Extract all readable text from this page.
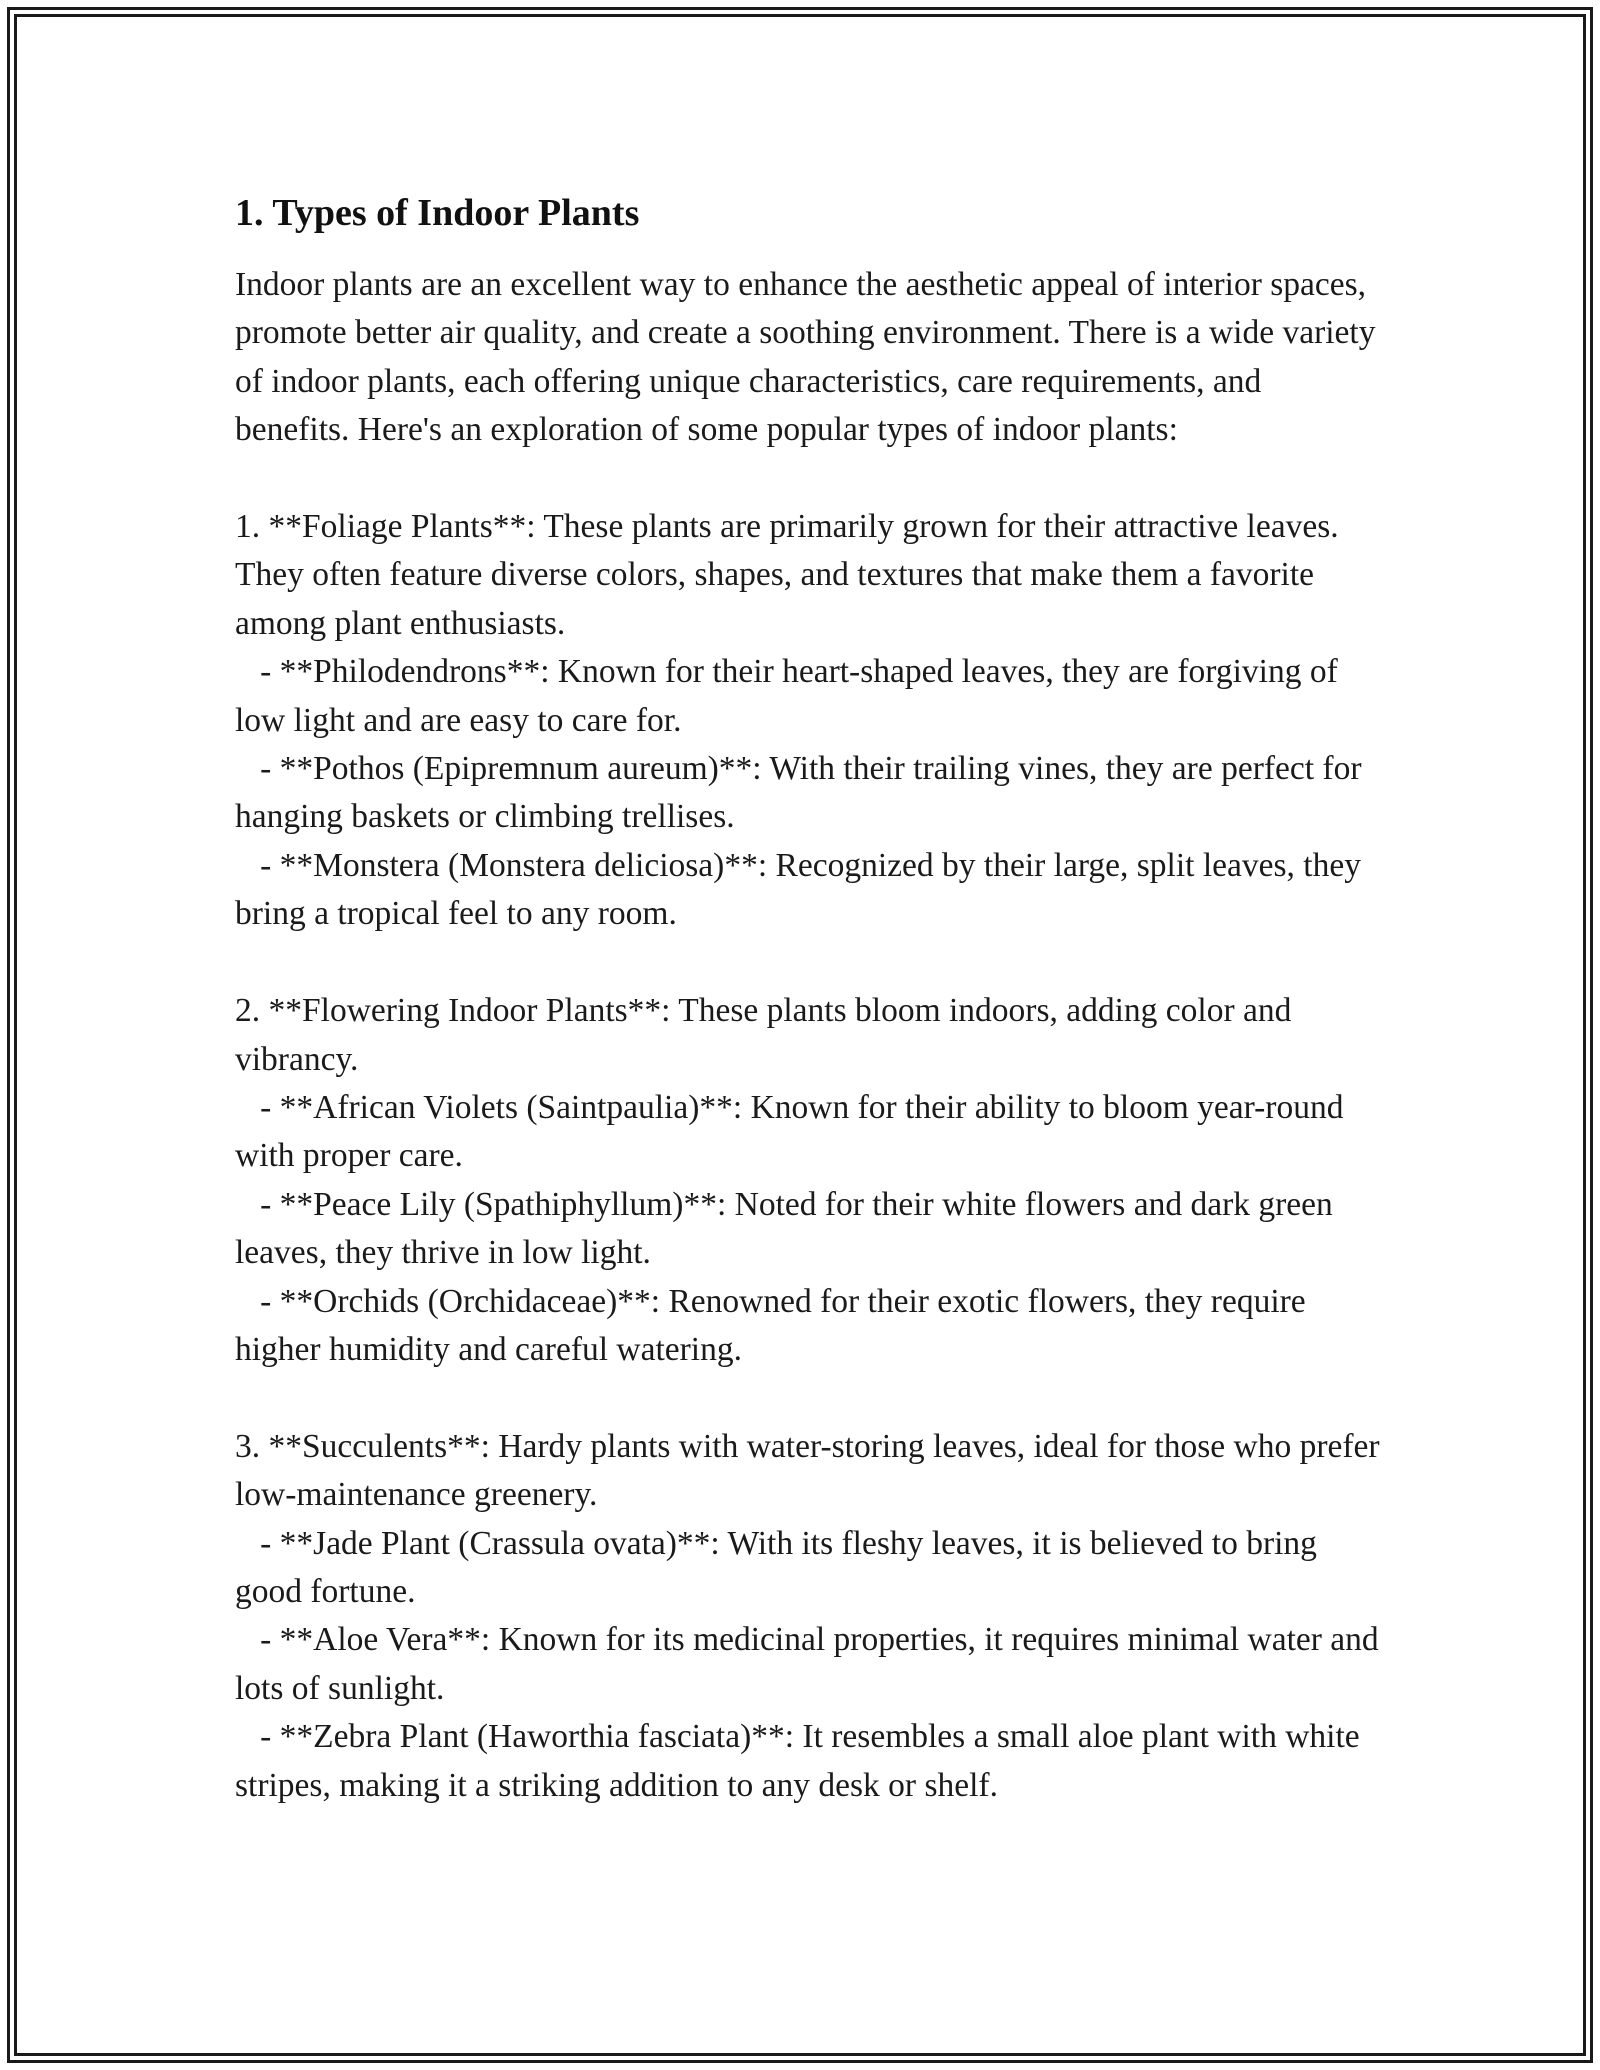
1. Types of Indoor Plants
Indoor plants are an excellent way to enhance the aesthetic appeal of interior spaces, promote better air quality, and create a soothing environment. There is a wide variety of indoor plants, each offering unique characteristics, care requirements, and benefits. Here's an exploration of some popular types of indoor plants:

1. **Foliage Plants**: These plants are primarily grown for their attractive leaves. They often feature diverse colors, shapes, and textures that make them a favorite among plant enthusiasts.
- **Philodendrons**: Known for their heart-shaped leaves, they are forgiving of low light and are easy to care for.
- **Pothos (Epipremnum aureum)**: With their trailing vines, they are perfect for hanging baskets or climbing trellises.
- **Monstera (Monstera deliciosa)**: Recognized by their large, split leaves, they bring a tropical feel to any room.

2. **Flowering Indoor Plants**: These plants bloom indoors, adding color and vibrancy.
- **African Violets (Saintpaulia)**: Known for their ability to bloom year-round with proper care.
- **Peace Lily (Spathiphyllum)**: Noted for their white flowers and dark green leaves, they thrive in low light.
- **Orchids (Orchidaceae)**: Renowned for their exotic flowers, they require higher humidity and careful watering.

3. **Succulents**: Hardy plants with water-storing leaves, ideal for those who prefer low-maintenance greenery.
- **Jade Plant (Crassula ovata)**: With its fleshy leaves, it is believed to bring good fortune.
- **Aloe Vera**: Known for its medicinal properties, it requires minimal water and lots of sunlight.
- **Zebra Plant (Haworthia fasciata)**: It resembles a small aloe plant with white stripes, making it a striking addition to any desk or shelf.
